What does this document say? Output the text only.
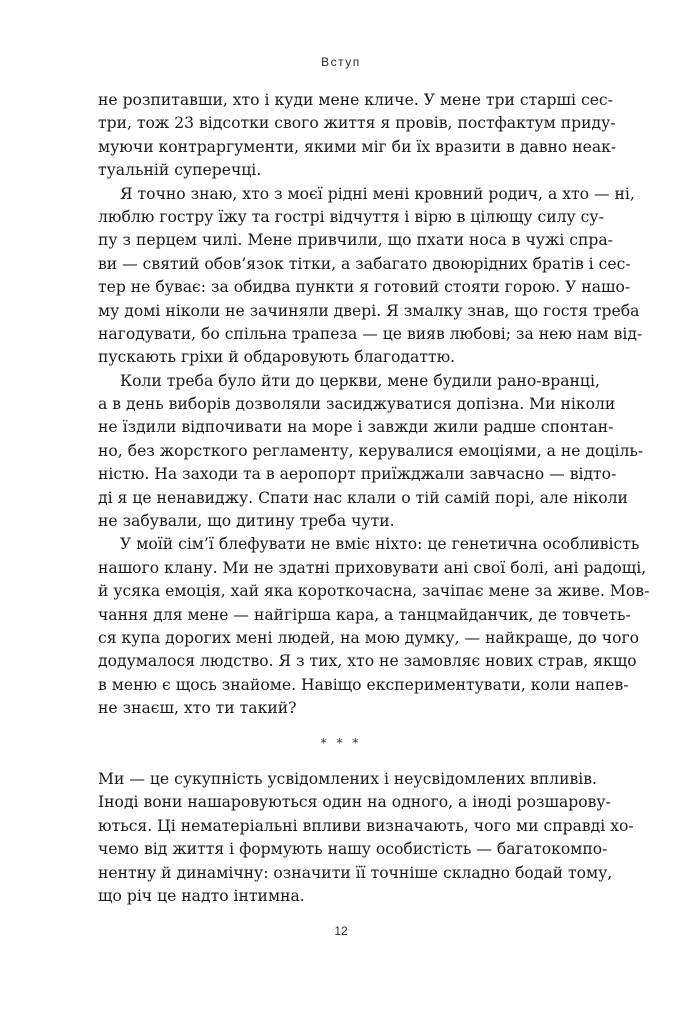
Вступ
не розпитавши, хто і куди мене кличе. У мене три старші сес-
три, тож 23 відсотки свого життя я провів, постфактум приду-
муючи контраргументи, якими міг би їх вразити в давно неак-
туальній суперечці.
Я точно знаю, хто з моєї рідні мені кровний родич, а хто — ні,
люблю гостру їжу та гострі відчуття і вірю в цілющу силу су-
пу з перцем чилі. Мене привчили, що пхати носа в чужі спра-
ви — святий обов’язок тітки, а забагато двоюрідних братів і сес-
тер не буває: за обидва пункти я готовий стояти горою. У нашо-
му домі ніколи не зачиняли двері. Я змалку знав, що гостя треба
нагодувати, бо спільна трапеза — це вияв любові; за нею нам від-
пускають гріхи й обдаровують благодаттю.
Коли треба було йти до церкви, мене будили рано-вранці,
а в день виборів дозволяли засиджуватися допізна. Ми ніколи
не їздили відпочивати на море і завжди жили радше спонтан-
но, без жорсткого регламенту, керувалися емоціями, а не доціль-
ністю. На заходи та в аеропорт приїжджали завчасно — відто-
ді я це ненавиджу. Спати нас клали о тій самій порі, але ніколи
не забували, що дитину треба чути.
У моїй сім’ї блефувати не вміє ніхто: це генетична особливість
нашого клану. Ми не здатні приховувати ані свої болі, ані радощі,
й усяка емоція, хай яка короткочасна, зачіпає мене за живе. Мов-
чання для мене — найгірша кара, а танцмайданчик, де товчеть-
ся купа дорогих мені людей, на мою думку, — найкраще, до чого
додумалося людство. Я з тих, хто не замовляє нових страв, якщо
в меню є щось знайоме. Навіщо експериментувати, коли напев-
не знаєш, хто ти такий?
* * *
Ми — це сукупність усвідомлених і неусвідомлених впливів.
Іноді вони нашаровуються один на одного, а іноді розшарову-
ються. Ці нематеріальні впливи визначають, чого ми справді хо-
чемо від життя і формують нашу особистість — багатокомпо-
нентну й динамічну: означити її точніше складно бодай тому,
що річ це надто інтимна.
12
